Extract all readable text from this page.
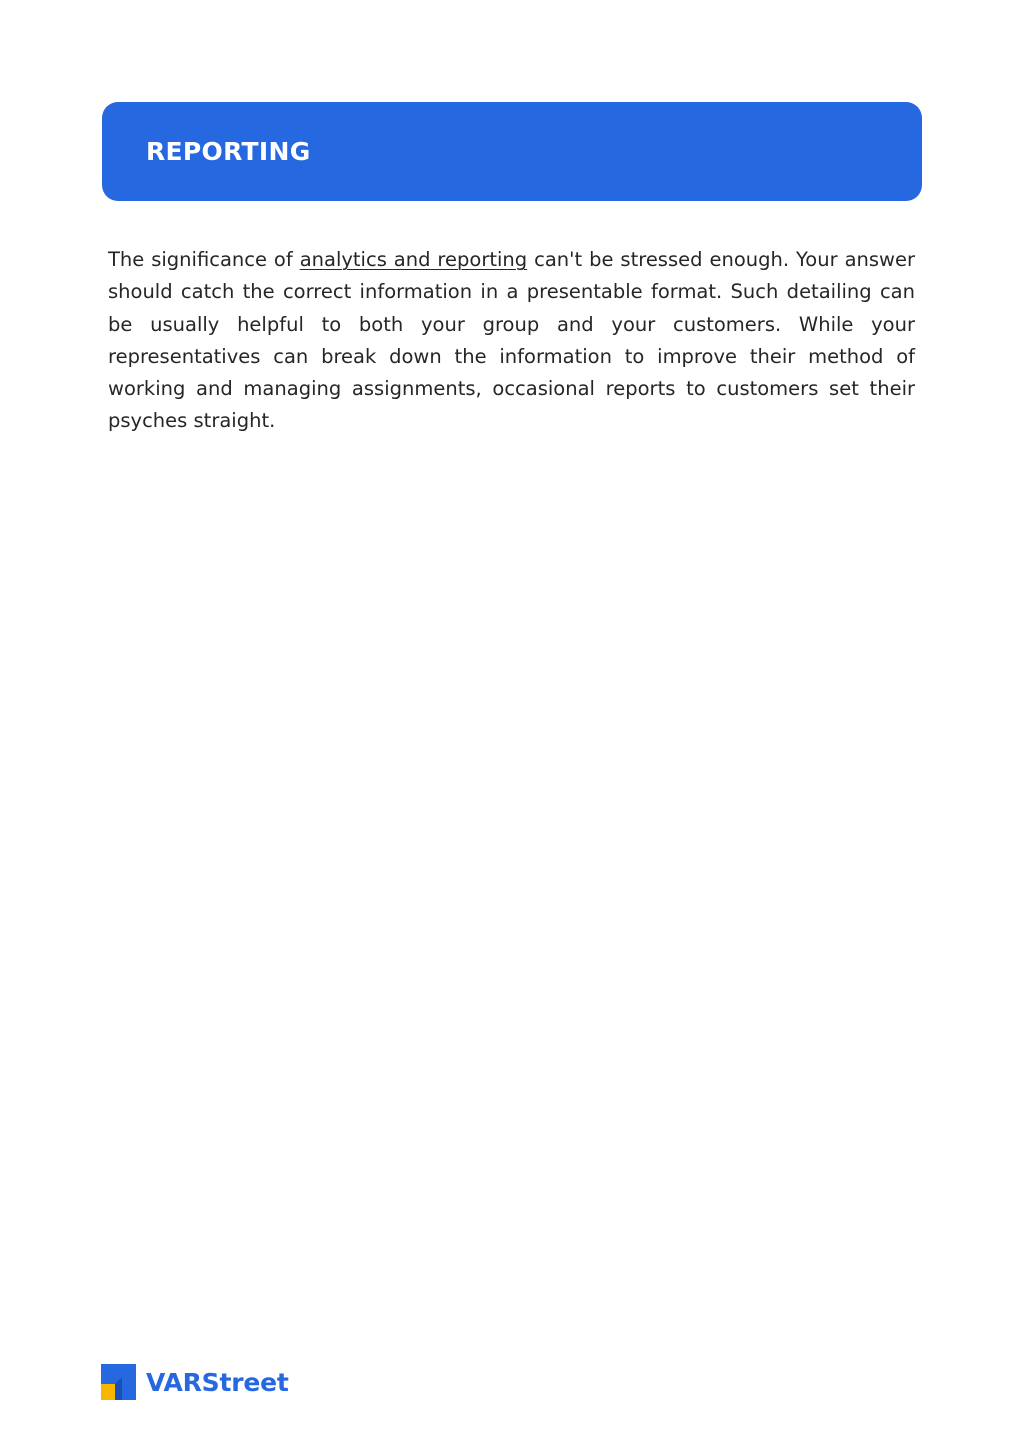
REPORTING

The significance of analytics and reporting can't be stressed enough. Your answer should catch the correct information in a presentable format. Such detailing can be usually helpful to both your group and your customers. While your representatives can break down the information to improve their method of working and managing assignments, occasional reports to customers set their psyches straight.

VARStreet
